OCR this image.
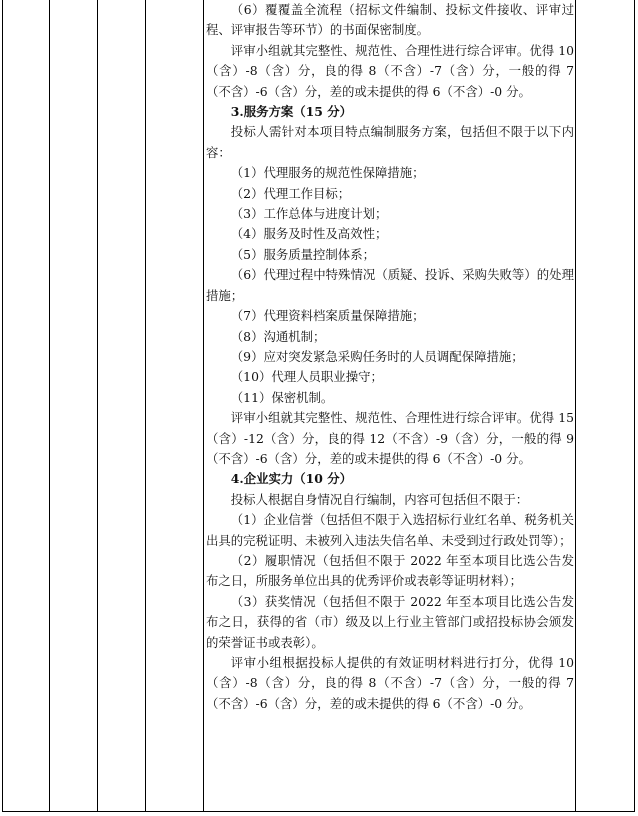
（6）覆覆盖全流程（招标文件编制、投标文件接收、评审过程、评审报告等环节）的书面保密制度。

评审小组就其完整性、规范性、合理性进行综合评审。优得 10（含）-8（含）分，良的得 8（不含）-7（含）分，一般的得 7（不含）-6（含）分，差的或未提供的得 6（不含）-0 分。

3.服务方案（15 分）

投标人需针对本项目特点编制服务方案，包括但不限于以下内容：

（1）代理服务的规范性保障措施；

（2）代理工作目标；

（3）工作总体与进度计划；

（4）服务及时性及高效性；

（5）服务质量控制体系；

（6）代理过程中特殊情况（质疑、投诉、采购失败等）的处理措施；

（7）代理资料档案质量保障措施；

（8）沟通机制；

（9）应对突发紧急采购任务时的人员调配保障措施；

（10）代理人员职业操守；

（11）保密机制。

评审小组就其完整性、规范性、合理性进行综合评审。优得 15（含）-12（含）分，良的得 12（不含）-9（含）分，一般的得 9（不含）-6（含）分，差的或未提供的得 6（不含）-0 分。

4.企业实力（10 分）

投标人根据自身情况自行编制，内容可包括但不限于：

（1）企业信誉（包括但不限于入选招标行业红名单、税务机关出具的完税证明、未被列入违法失信名单、未受到过行政处罚等）；

（2）履职情况（包括但不限于 2022 年至本项目比选公告发布之日，所服务单位出具的优秀评价或表彰等证明材料）；

（3）获奖情况（包括但不限于 2022 年至本项目比选公告发布之日，获得的省（市）级及以上行业主管部门或招投标协会颁发的荣誉证书或表彰）。

评审小组根据投标人提供的有效证明材料进行打分，优得 10（含）-8（含）分，良的得 8（不含）-7（含）分，一般的得 7（不含）-6（含）分，差的或未提供的得 6（不含）-0 分。
